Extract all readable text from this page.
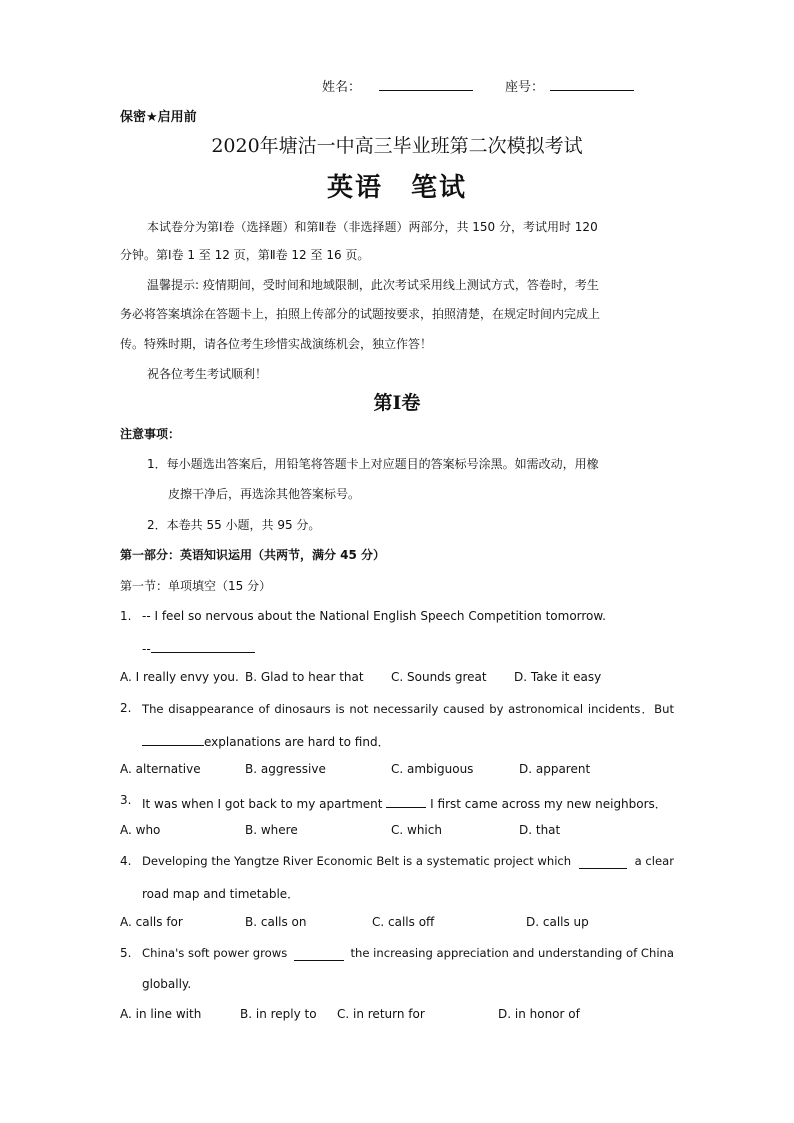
姓名：	座号：
保密★启用前
2020年塘沽一中高三毕业班第二次模拟考试
英语　笔试
本试卷分为第Ⅰ卷（选择题）和第Ⅱ卷（非选择题）两部分，共 150 分，考试用时 120
分钟。第Ⅰ卷 1 至 12 页，第Ⅱ卷 12 至 16 页。
温馨提示: 疫情期间，受时间和地域限制，此次考试采用线上测试方式，答卷时，考生
务必将答案填涂在答题卡上，拍照上传部分的试题按要求，拍照清楚，在规定时间内完成上
传。特殊时期，请各位考生珍惜实战演练机会，独立作答！
祝各位考生考试顺利！
第Ⅰ卷
注意事项：
1．每小题选出答案后，用铅笔将答题卡上对应题目的答案标号涂黑。如需改动，用橡
皮擦干净后，再选涂其他答案标号。
2．本卷共 55 小题，共 95 分。
第一部分：英语知识运用（共两节，满分 45 分）
第一节：单项填空（15 分）
1. -- I feel so nervous about the National English Speech Competition tomorrow.
--
A. I really envy you. B. Glad to hear that C. Sounds great D. Take it easy
2. The disappearance of dinosaurs is not necessarily caused by astronomical incidents．But
explanations are hard to find．
A. alternative	B. aggressive	C. ambiguous	D. apparent
3. It was when I got back to my apartment	I first came across my new neighbors．
A. who	B. where	C. which	D. that
4. Developing the Yangtze River Economic Belt is a systematic project which	a clear
road map and timetable．
A. calls for	B. calls on	C. calls off	D. calls up
5. China's soft power grows	the increasing appreciation and understanding of China
globally.
A. in line with	B. in reply to C. in return for	D. in honor of
